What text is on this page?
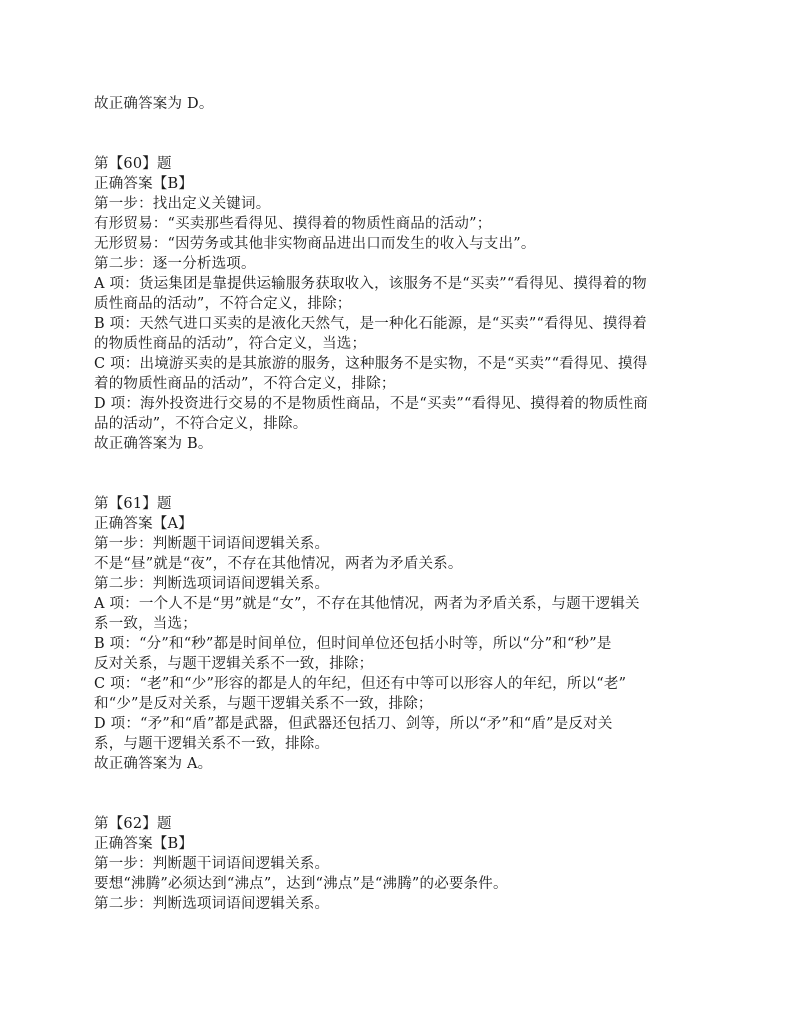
故正确答案为 D。
第【60】题
正确答案【B】
第一步：找出定义关键词。
有形贸易：“买卖那些看得见、摸得着的物质性商品的活动”；
无形贸易：“因劳务或其他非实物商品进出口而发生的收入与支出”。
第二步：逐一分析选项。
A 项：货运集团是靠提供运输服务获取收入，该服务不是“买卖”“看得见、摸得着的物
质性商品的活动”，不符合定义，排除；
B 项：天然气进口买卖的是液化天然气，是一种化石能源，是“买卖”“看得见、摸得着
的物质性商品的活动”，符合定义，当选；
C 项：出境游买卖的是其旅游的服务，这种服务不是实物，不是“买卖”“看得见、摸得
着的物质性商品的活动”，不符合定义，排除；
D 项：海外投资进行交易的不是物质性商品，不是“买卖”“看得见、摸得着的物质性商
品的活动”，不符合定义，排除。
故正确答案为 B。
第【61】题
正确答案【A】
第一步：判断题干词语间逻辑关系。
不是“昼”就是“夜”，不存在其他情况，两者为矛盾关系。
第二步：判断选项词语间逻辑关系。
A 项：一个人不是“男”就是“女”，不存在其他情况，两者为矛盾关系，与题干逻辑关
系一致，当选；
B 项：“分”和“秒”都是时间单位，但时间单位还包括小时等，所以“分”和“秒”是
反对关系，与题干逻辑关系不一致，排除；
C 项：“老”和“少”形容的都是人的年纪，但还有中等可以形容人的年纪，所以“老”
和“少”是反对关系，与题干逻辑关系不一致，排除；
D 项：“矛”和“盾”都是武器，但武器还包括刀、剑等，所以“矛”和“盾”是反对关
系，与题干逻辑关系不一致，排除。
故正确答案为 A。
第【62】题
正确答案【B】
第一步：判断题干词语间逻辑关系。
要想“沸腾”必须达到“沸点”，达到“沸点”是“沸腾”的必要条件。
第二步：判断选项词语间逻辑关系。
